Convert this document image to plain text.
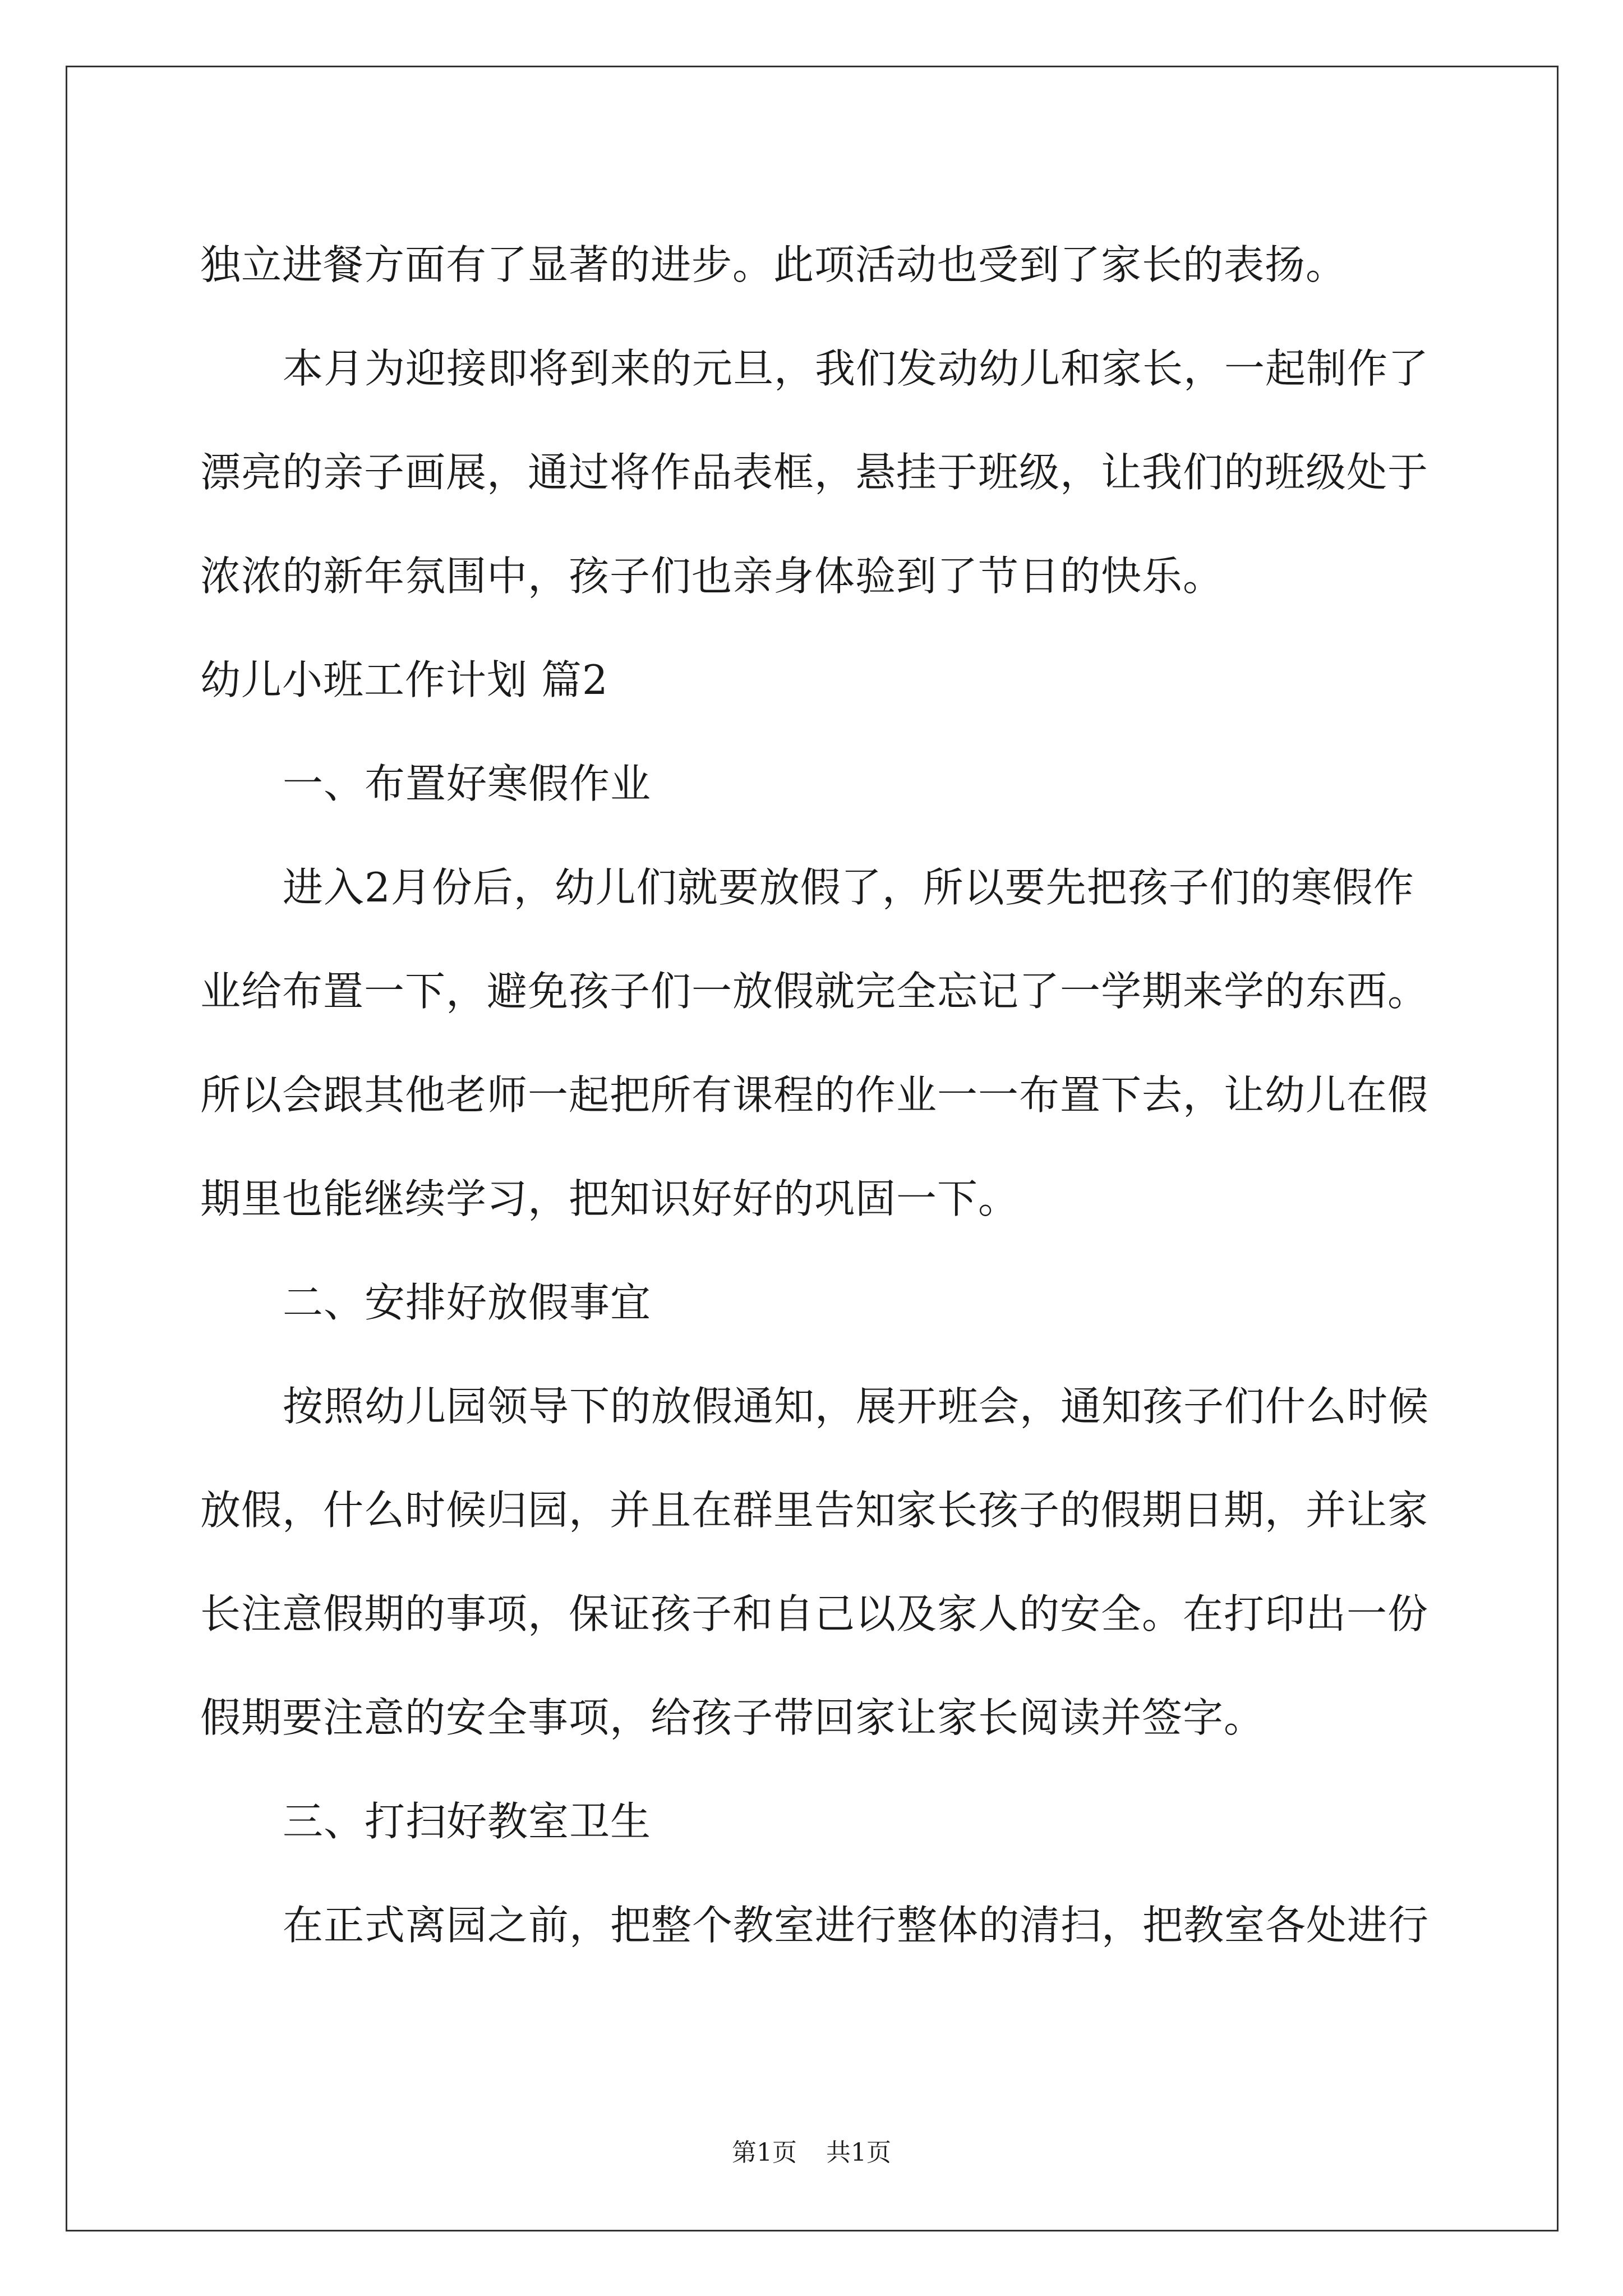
独立进餐方面有了显著的进步。此项活动也受到了家长的表扬。
本月为迎接即将到来的元旦，我们发动幼儿和家长，一起制作了
漂亮的亲子画展，通过将作品表框，悬挂于班级，让我们的班级处于
浓浓的新年氛围中，孩子们也亲身体验到了节日的快乐。
幼儿小班工作计划 篇2
一、布置好寒假作业
进入2月份后，幼儿们就要放假了，所以要先把孩子们的寒假作
业给布置一下，避免孩子们一放假就完全忘记了一学期来学的东西。
所以会跟其他老师一起把所有课程的作业一一布置下去，让幼儿在假
期里也能继续学习，把知识好好的巩固一下。
二、安排好放假事宜
按照幼儿园领导下的放假通知，展开班会，通知孩子们什么时候
放假，什么时候归园，并且在群里告知家长孩子的假期日期，并让家
长注意假期的事项，保证孩子和自己以及家人的安全。在打印出一份
假期要注意的安全事项，给孩子带回家让家长阅读并签字。
三、打扫好教室卫生
在正式离园之前，把整个教室进行整体的清扫，把教室各处进行
第1页 共1页
